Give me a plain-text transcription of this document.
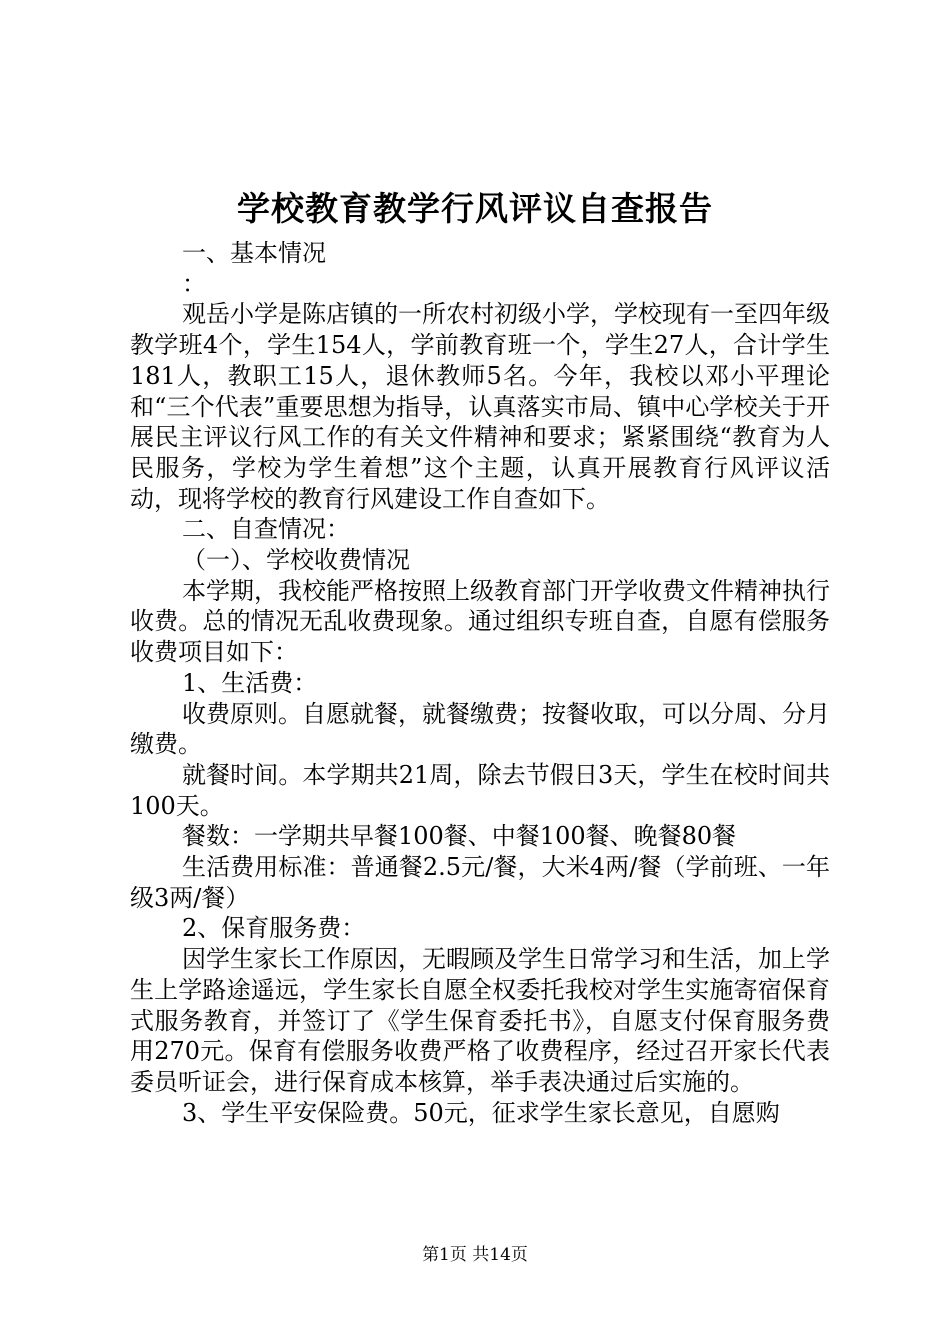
学校教育教学行风评议自查报告

一、基本情况

：

观岳小学是陈店镇的一所农村初级小学，学校现有一至四年级教学班4个，学生154人，学前教育班一个，学生27人，合计学生181人，教职工15人，退休教师5名。今年，我校以邓小平理论和“三个代表”重要思想为指导，认真落实市局、镇中心学校关于开展民主评议行风工作的有关文件精神和要求；紧紧围绕“教育为人民服务，学校为学生着想”这个主题，认真开展教育行风评议活动，现将学校的教育行风建设工作自查如下。

二、自查情况：

（一）、学校收费情况

本学期，我校能严格按照上级教育部门开学收费文件精神执行收费。总的情况无乱收费现象。通过组织专班自查，自愿有偿服务收费项目如下：

1、生活费：

收费原则。自愿就餐，就餐缴费；按餐收取，可以分周、分月缴费。

就餐时间。本学期共21周，除去节假日3天，学生在校时间共100天。

餐数：一学期共早餐100餐、中餐100餐、晚餐80餐

生活费用标准：普通餐2.5元/餐，大米4两/餐（学前班、一年级3两/餐）

2、保育服务费：

因学生家长工作原因，无暇顾及学生日常学习和生活，加上学生上学路途遥远，学生家长自愿全权委托我校对学生实施寄宿保育式服务教育，并签订了《学生保育委托书》，自愿支付保育服务费用270元。保育有偿服务收费严格了收费程序，经过召开家长代表委员听证会，进行保育成本核算，举手表决通过后实施的。

3、学生平安保险费。50元，征求学生家长意见，自愿购

第1页 共14页
